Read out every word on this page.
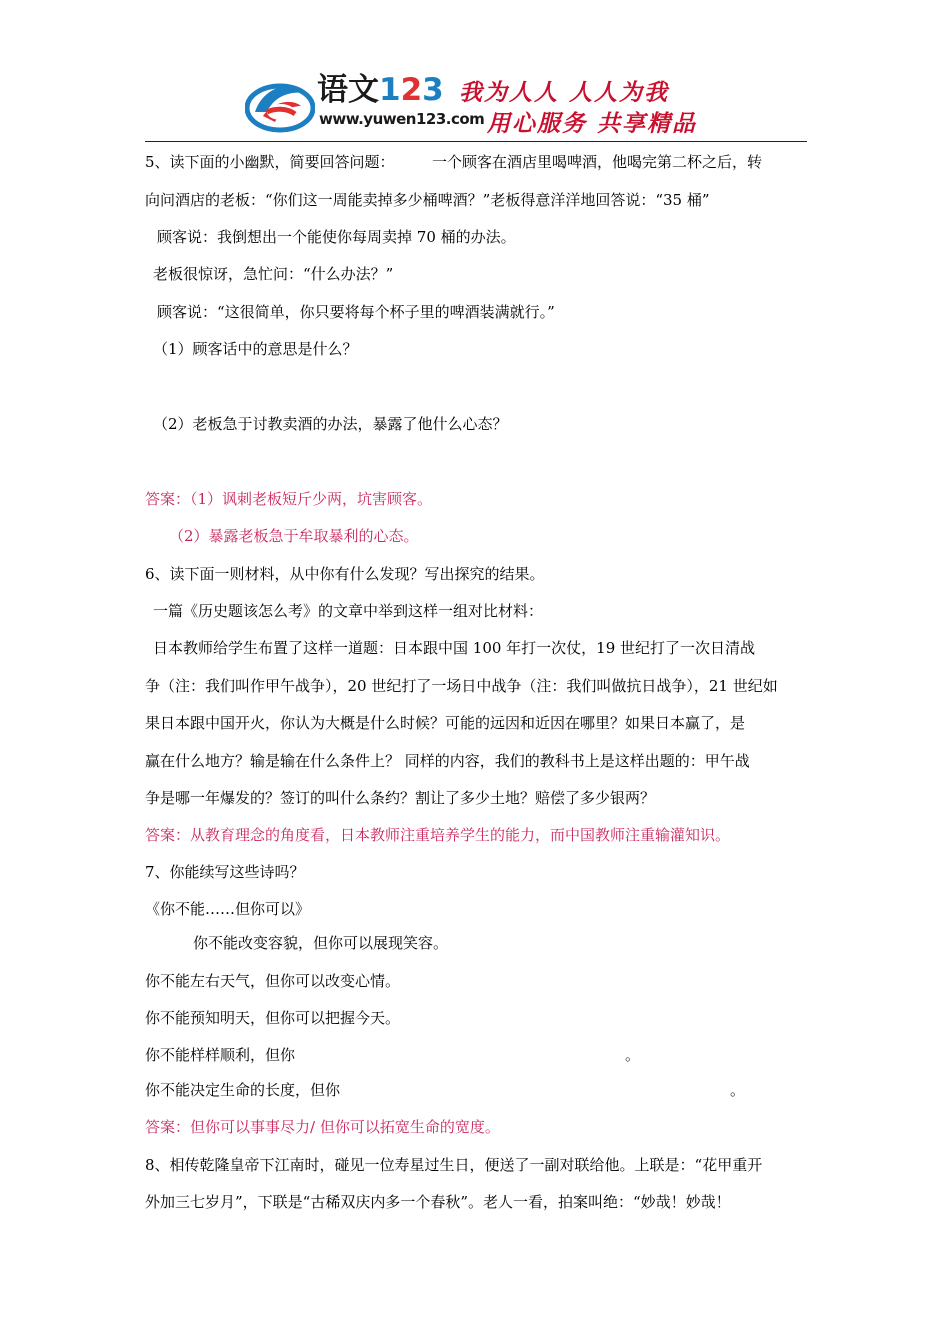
语文123
www.yuwen123.com
我为人人 人人为我
用心服务 共享精品
5、读下面的小幽默，简要回答问题：　　　一个顾客在酒店里喝啤酒，他喝完第二杯之后，转
向问酒店的老板：“你们这一周能卖掉多少桶啤酒？”老板得意洋洋地回答说：“35 桶”
顾客说：我倒想出一个能使你每周卖掉 70 桶的办法。
老板很惊讶，急忙问：“什么办法？”
顾客说：“这很简单，你只要将每个杯子里的啤酒装满就行。”
（1）顾客话中的意思是什么？
（2）老板急于讨教卖酒的办法，暴露了他什么心态？
答案：（1）讽刺老板短斤少两，坑害顾客。
（2）暴露老板急于牟取暴利的心态。
6、读下面一则材料，从中你有什么发现？写出探究的结果。
一篇《历史题该怎么考》的文章中举到这样一组对比材料：
日本教师给学生布置了这样一道题：日本跟中国 100 年打一次仗，19 世纪打了一次日清战
争（注：我们叫作甲午战争），20 世纪打了一场日中战争（注：我们叫做抗日战争），21 世纪如
果日本跟中国开火，你认为大概是什么时候？可能的远因和近因在哪里？如果日本赢了，是
赢在什么地方？输是输在什么条件上？ 同样的内容，我们的教科书上是这样出题的：甲午战
争是哪一年爆发的？签订的叫什么条约？割让了多少土地？赔偿了多少银两？
答案：从教育理念的角度看，日本教师注重培养学生的能力，而中国教师注重输灌知识。
7、你能续写这些诗吗？
《你不能……但你可以》
你不能改变容貌，但你可以展现笑容。
你不能左右天气，但你可以改变心情。
你不能预知明天，但你可以把握今天。
你不能样样顺利，但你　　　　　　　　　　　　　　　　　　　　　　。
你不能决定生命的长度，但你　　　　　　　　　　　　　　　　　　　　　　　　　　。
答案：但你可以事事尽力/ 但你可以拓宽生命的宽度。
8、相传乾隆皇帝下江南时，碰见一位寿星过生日，便送了一副对联给他。上联是：“花甲重开
外加三七岁月”，下联是“古稀双庆内多一个春秋”。老人一看，拍案叫绝：“妙哉！妙哉！
